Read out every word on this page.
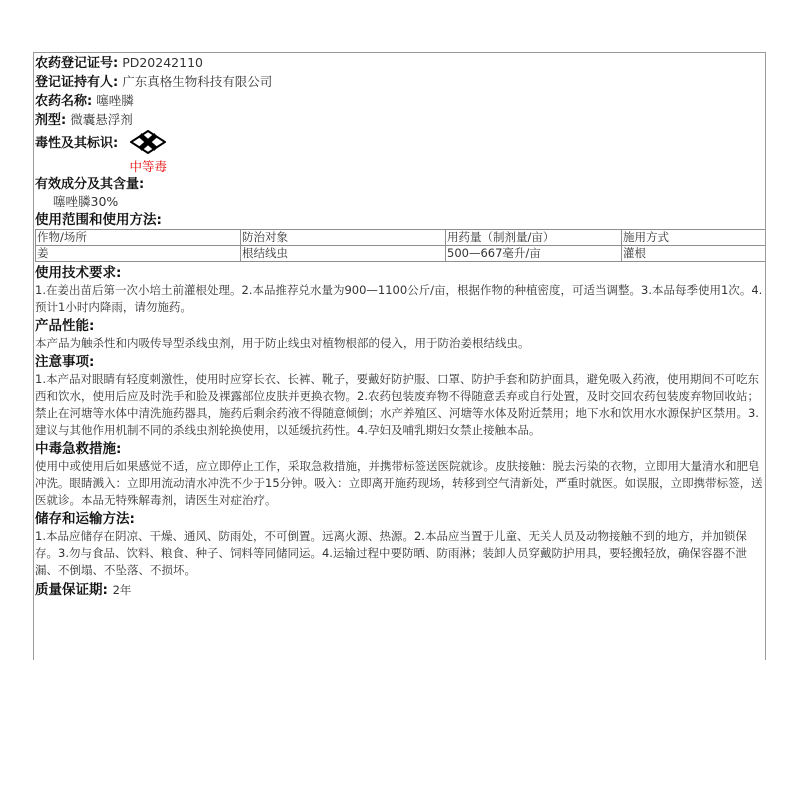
农药登记证号: PD20242110
登记证持有人: 广东真格生物科技有限公司
农药名称: 噻唑膦
剂型: 微囊悬浮剂
毒性及其标识:
中等毒
有效成分及其含量:
噻唑膦30%
使用范围和使用方法:
作物/场所	防治对象	用药量（制剂量/亩）	施用方式
姜	根结线虫	500—667毫升/亩	灌根
使用技术要求:
1.在姜出苗后第一次小培土前灌根处理。2.本品推荐兑水量为900—1100公斤/亩，根据作物的种植密度，可适当调整。3.本品每季使用1次。4.预计1小时内降雨，请勿施药。
产品性能:
本产品为触杀性和内吸传导型杀线虫剂，用于防止线虫对植物根部的侵入，用于防治姜根结线虫。
注意事项:
1.本产品对眼睛有轻度刺激性，使用时应穿长衣、长裤、靴子，要戴好防护服、口罩、防护手套和防护面具，避免吸入药液，使用期间不可吃东西和饮水，使用后应及时洗手和脸及裸露部位皮肤并更换衣物。2.农药包装废弃物不得随意丢弃或自行处置，及时交回农药包装废弃物回收站；禁止在河塘等水体中清洗施药器具，施药后剩余药液不得随意倾倒；水产养殖区、河塘等水体及附近禁用；地下水和饮用水水源保护区禁用。3.建议与其他作用机制不同的杀线虫剂轮换使用，以延缓抗药性。4.孕妇及哺乳期妇女禁止接触本品。
中毒急救措施:
使用中或使用后如果感觉不适，应立即停止工作，采取急救措施，并携带标签送医院就诊。皮肤接触：脱去污染的衣物，立即用大量清水和肥皂冲洗。眼睛溅入：立即用流动清水冲洗不少于15分钟。吸入：立即离开施药现场，转移到空气清新处，严重时就医。如误服，立即携带标签，送医就诊。本品无特殊解毒剂，请医生对症治疗。
储存和运输方法:
1.本品应储存在阴凉、干燥、通风、防雨处，不可倒置。远离火源、热源。2.本品应当置于儿童、无关人员及动物接触不到的地方，并加锁保存。3.勿与食品、饮料、粮食、种子、饲料等同储同运。4.运输过程中要防晒、防雨淋；装卸人员穿戴防护用具，要轻搬轻放，确保容器不泄漏、不倒塌、不坠落、不损坏。
质量保证期: 2年
